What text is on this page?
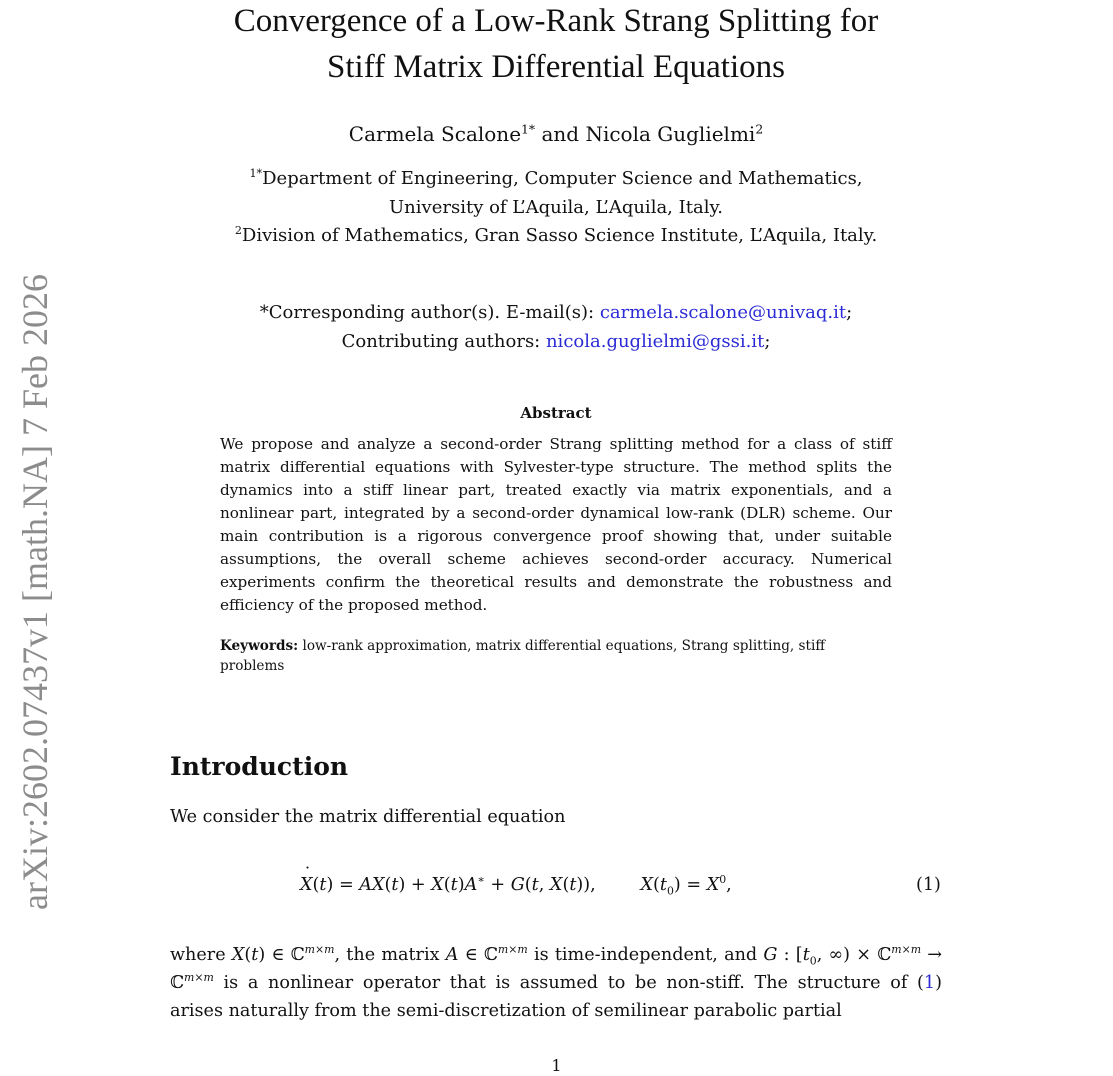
arXiv:2602.07437v1 [math.NA] 7 Feb 2026
Convergence of a Low-Rank Strang Splitting for
Stiff Matrix Differential Equations
Carmela Scalone$^{1*}$ and Nicola Guglielmi$^2$
$^{1*}$Department of Engineering, Computer Science and Mathematics,
University of L’Aquila, L’Aquila, Italy.
$^2$Division of Mathematics, Gran Sasso Science Institute, L’Aquila, Italy.
*Corresponding author(s). E-mail(s): carmela.scalone@univaq.it;
Contributing authors: nicola.guglielmi@gssi.it;
Abstract
We propose and analyze a second-order Strang splitting method for a class of stiff matrix differential equations with Sylvester-type structure. The method splits the dynamics into a stiff linear part, treated exactly via matrix exponentials, and a nonlinear part, integrated by a second-order dynamical low-rank (DLR) scheme. Our main contribution is a rigorous convergence proof showing that, under suitable assumptions, the overall scheme achieves second-order accuracy. Numerical experiments confirm the theoretical results and demonstrate the robustness and efficiency of the proposed method.
Keywords: low-rank approximation, matrix differential equations, Strang splitting, stiff problems
Introduction
We consider the matrix differential equation
X ˙(t) = AX(t) + X(t)A∗ + G(t, X(t)),        $X(t_0) = X^0$,	(1)
where X(t) ∈ ℂ$^{m\times m}$, the matrix A ∈ ℂ$^{m\times m}$ is time-independent, and G : [$t_0$, ∞) × ℂ$^{m\times m}$ → ℂ$^{m\times m}$ is a nonlinear operator that is assumed to be non-stiff. The structure of (1) arises naturally from the semi-discretization of semilinear parabolic partial
1
